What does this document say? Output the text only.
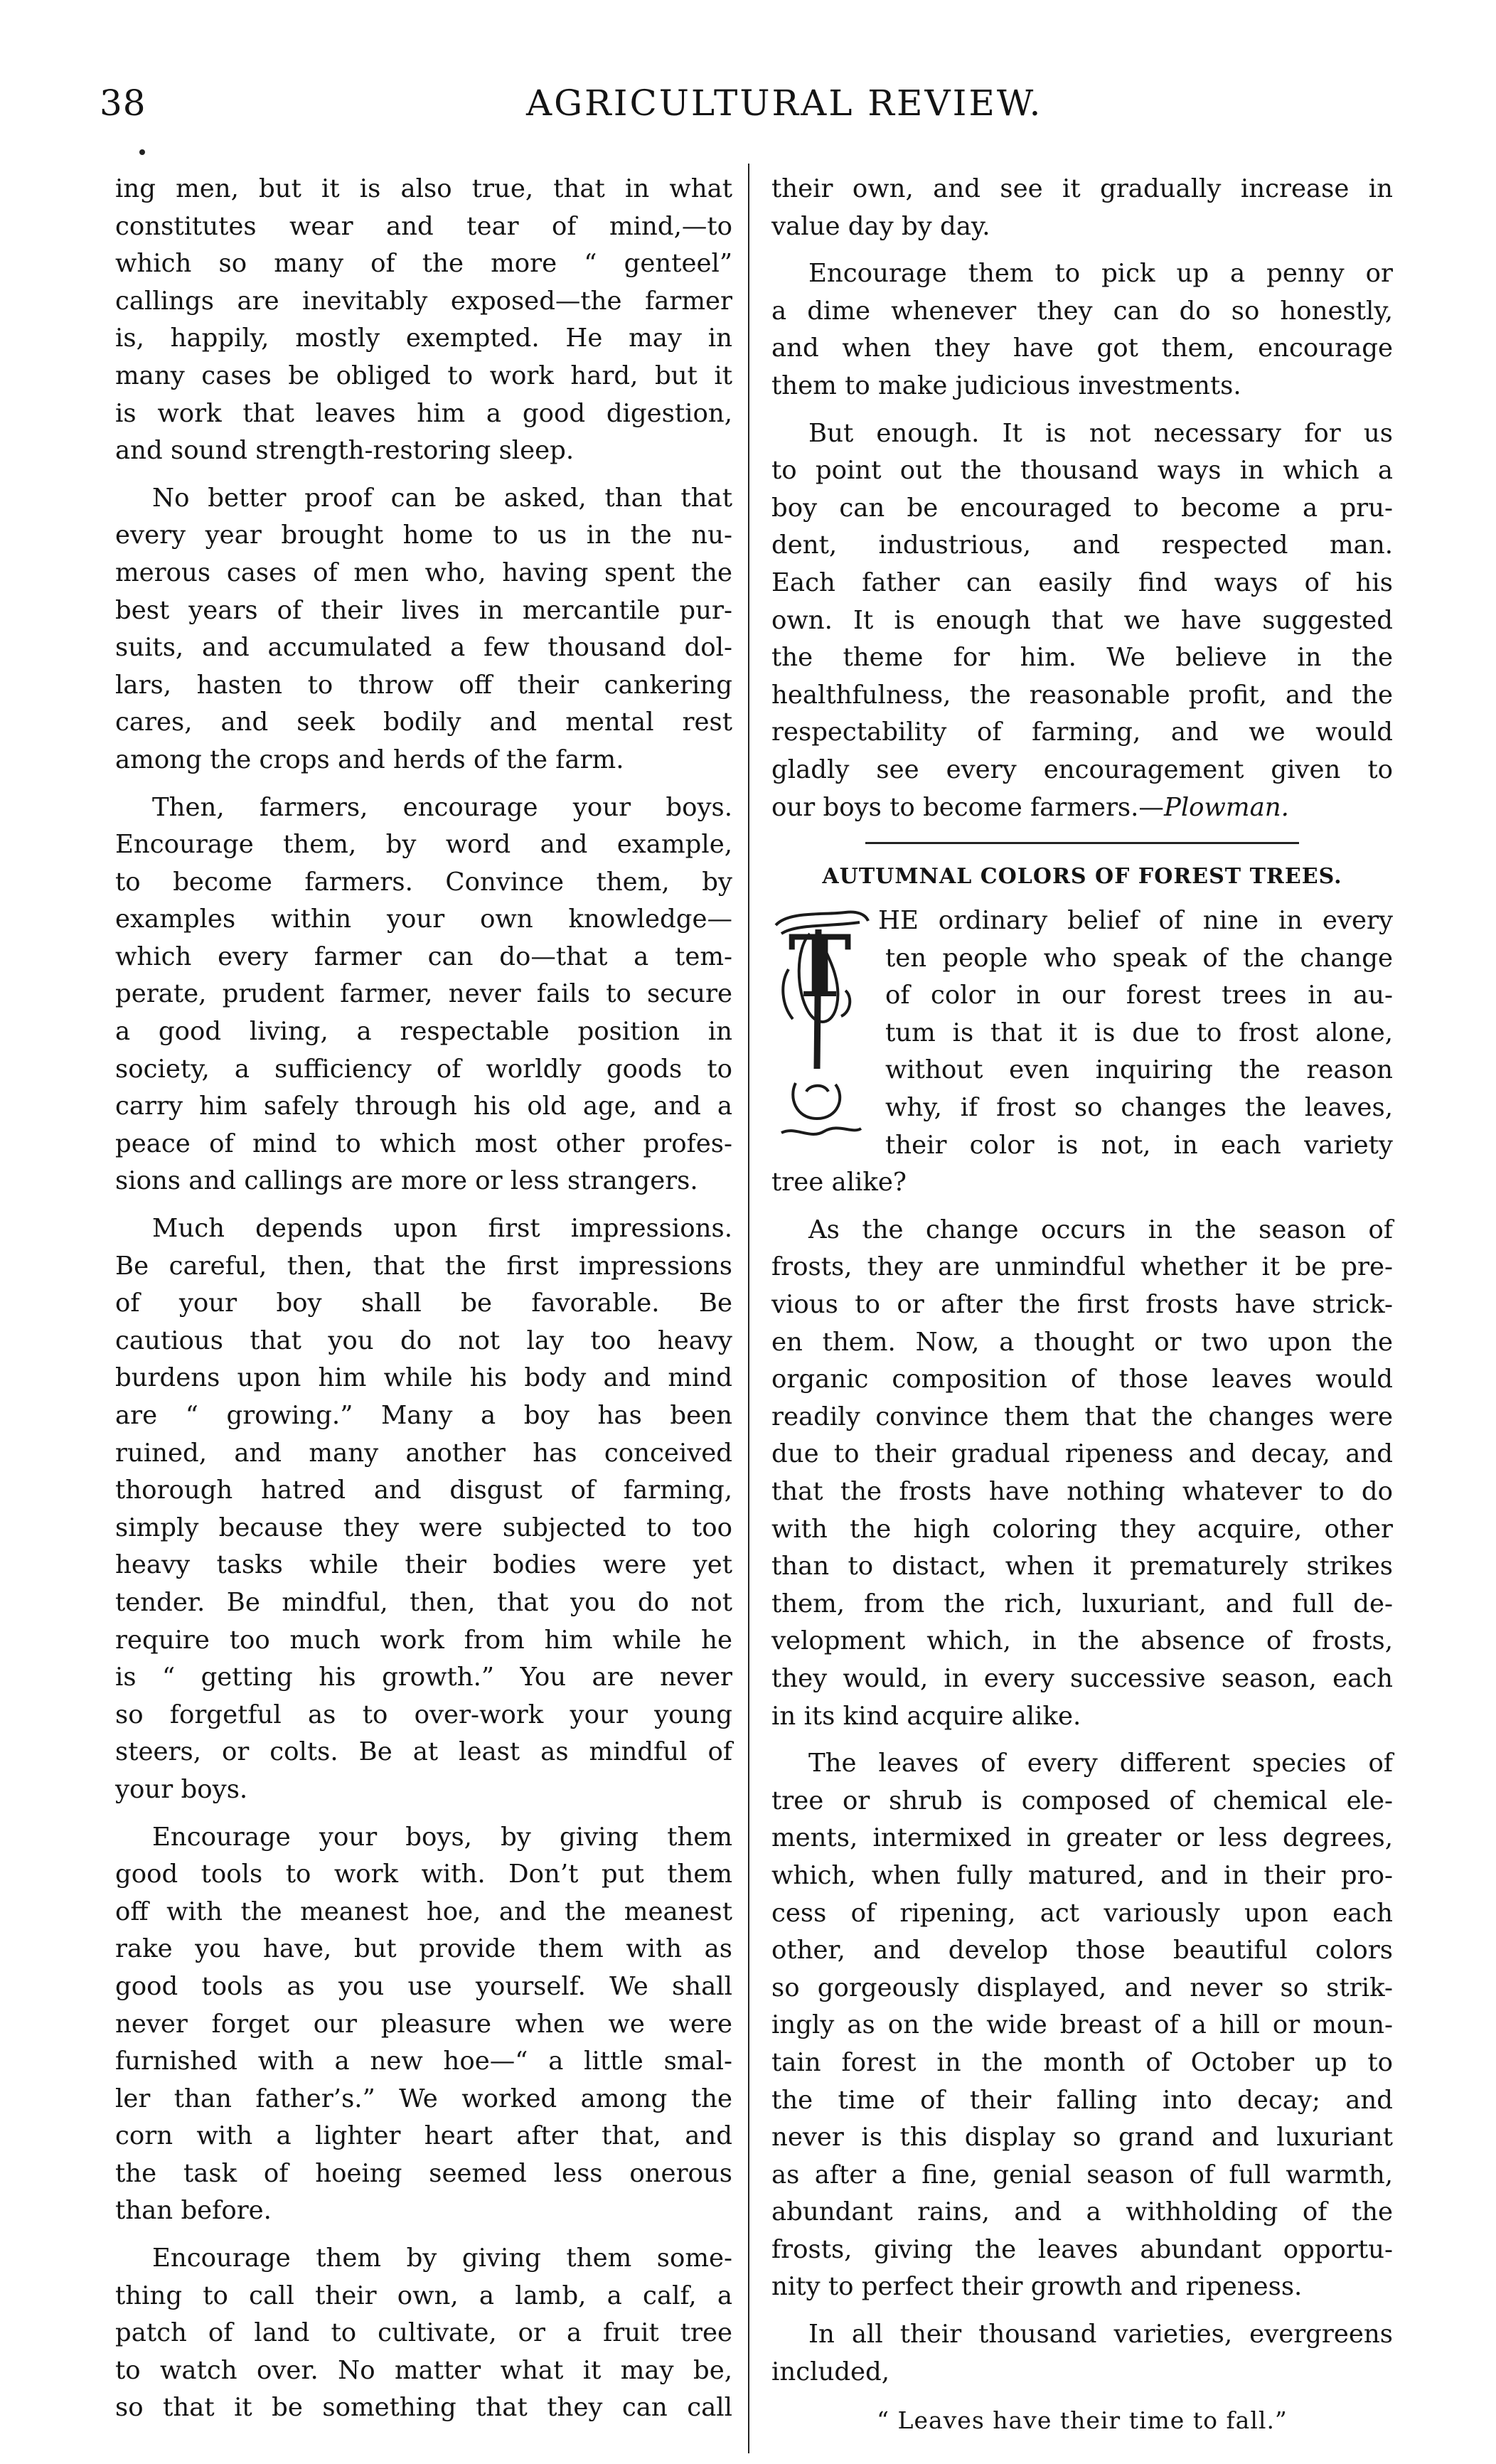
38	AGRICULTURAL REVIEW.

ing men, but it is also true, that in what
constitutes wear and tear of mind,—to
which so many of the more “ genteel”
callings are inevitably exposed—the farmer
is, happily, mostly exempted. He may in
many cases be obliged to work hard, but it
is work that leaves him a good digestion,
and sound strength-restoring sleep.

No better proof can be asked, than that
every year brought home to us in the nu-
merous cases of men who, having spent the
best years of their lives in mercantile pur-
suits, and accumulated a few thousand dol-
lars, hasten to throw off their cankering
cares, and seek bodily and mental rest
among the crops and herds of the farm.

Then, farmers, encourage your boys.
Encourage them, by word and example,
to become farmers. Convince them, by
examples within your own knowledge—
which every farmer can do—that a tem-
perate, prudent farmer, never fails to secure
a good living, a respectable position in
society, a sufficiency of worldly goods to
carry him safely through his old age, and a
peace of mind to which most other profes-
sions and callings are more or less strangers.

Much depends upon first impressions.
Be careful, then, that the first impressions
of your boy shall be favorable. Be
cautious that you do not lay too heavy
burdens upon him while his body and mind
are “ growing.” Many a boy has been
ruined, and many another has conceived
thorough hatred and disgust of farming,
simply because they were subjected to too
heavy tasks while their bodies were yet
tender. Be mindful, then, that you do not
require too much work from him while he
is “ getting his growth.” You are never
so forgetful as to over-work your young
steers, or colts. Be at least as mindful of
your boys.

Encourage your boys, by giving them
good tools to work with. Don’t put them
off with the meanest hoe, and the meanest
rake you have, but provide them with as
good tools as you use yourself. We shall
never forget our pleasure when we were
furnished with a new hoe—“ a little smal-
ler than father’s.” We worked among the
corn with a lighter heart after that, and
the task of hoeing seemed less onerous
than before.

Encourage them by giving them some-
thing to call their own, a lamb, a calf, a
patch of land to cultivate, or a fruit tree
to watch over. No matter what it may be,
so that it be something that they can call

their own, and see it gradually increase in
value day by day.

Encourage them to pick up a penny or
a dime whenever they can do so honestly,
and when they have got them, encourage
them to make judicious investments.

But enough. It is not necessary for us
to point out the thousand ways in which a
boy can be encouraged to become a pru-
dent, industrious, and respected man.
Each father can easily find ways of his
own. It is enough that we have suggested
the theme for him. We believe in the
healthfulness, the reasonable profit, and the
respectability of farming, and we would
gladly see every encouragement given to
our boys to become farmers.—Plowman.

AUTUMNAL COLORS OF FOREST TREES.
T	HE ordinary belief of nine in every
ten people who speak of the change
of color in our forest trees in au-
tum is that it is due to frost alone,
without even inquiring the reason
why, if frost so changes the leaves,
their color is not, in each variety
tree alike?

As the change occurs in the season of
frosts, they are unmindful whether it be pre-
vious to or after the first frosts have strick-
en them. Now, a thought or two upon the
organic composition of those leaves would
readily convince them that the changes were
due to their gradual ripeness and decay, and
that the frosts have nothing whatever to do
with the high coloring they acquire, other
than to distact, when it prematurely strikes
them, from the rich, luxuriant, and full de-
velopment which, in the absence of frosts,
they would, in every successive season, each
in its kind acquire alike.

The leaves of every different species of
tree or shrub is composed of chemical ele-
ments, intermixed in greater or less degrees,
which, when fully matured, and in their pro-
cess of ripening, act variously upon each
other, and develop those beautiful colors
so gorgeously displayed, and never so strik-
ingly as on the wide breast of a hill or moun-
tain forest in the month of October up to
the time of their falling into decay; and
never is this display so grand and luxuriant
as after a fine, genial season of full warmth,
abundant rains, and a withholding of the
frosts, giving the leaves abundant opportu-
nity to perfect their growth and ripeness.

In all their thousand varieties, evergreens
included,

“ Leaves have their time to fall.”
